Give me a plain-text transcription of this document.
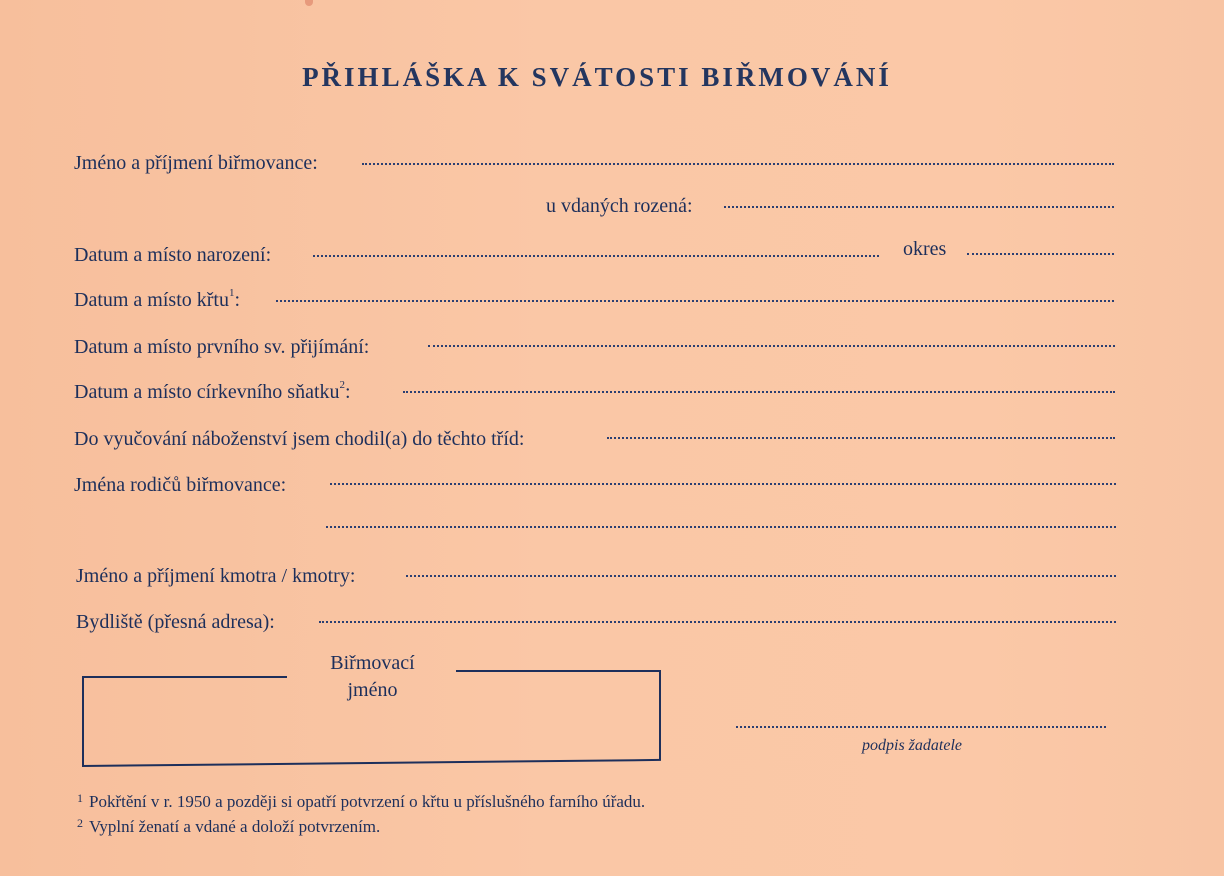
PŘIHLÁŠKA K SVÁTOSTI BIŘMOVÁNÍ
Jméno a příjmení biřmovance:
u vdaných rozená:
Datum a místo narození:	okres
Datum a místo křtu$^1$:
Datum a místo prvního sv. přijímání:
Datum a místo církevního sňatku$^2$:
Do vyučování náboženství jsem chodil(a) do těchto tříd:
Jména rodičů biřmovance:
Jméno a příjmení kmotra / kmotry:
Bydliště (přesná adresa):
Biřmovací
jméno
podpis žadatele
$^1$ Pokřtění v r. 1950 a později si opatří potvrzení o křtu u příslušného farního úřadu.
$^2$ Vyplní ženatí a vdané a doloží potvrzením.
